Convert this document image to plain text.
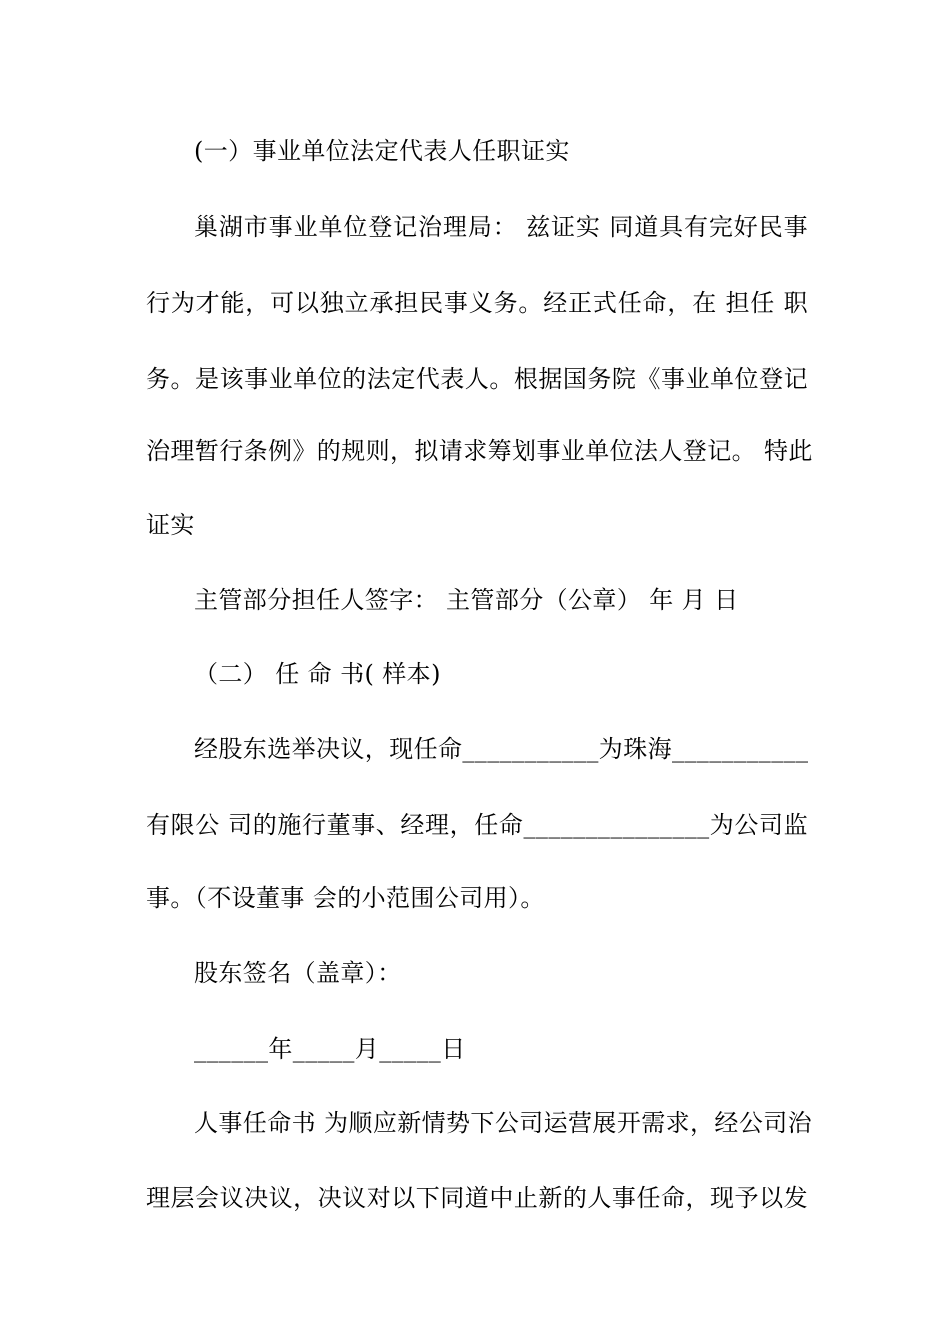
(一）事业单位法定代表人任职证实
巢湖市事业单位登记治理局： 兹证实 同道具有完好民事
行为才能，可以独立承担民事义务。经正式任命，在 担任 职
务。是该事业单位的法定代表人。根据国务院《事业单位登记
治理暂行条例》的规则，拟请求筹划事业单位法人登记。 特此
证实
主管部分担任人签字： 主管部分（公章） 年 月 日
（二） 任 命 书( 样本)
经股东选举决议，现任命___________为珠海___________
有限公 司的施行董事、经理，任命_______________为公司监
事。（不设董事 会的小范围公司用）。
股东签名（盖章）：
______年_____月_____日
人事任命书 为顺应新情势下公司运营展开需求，经公司治
理层会议决议，决议对以下同道中止新的人事任命，现予以发
